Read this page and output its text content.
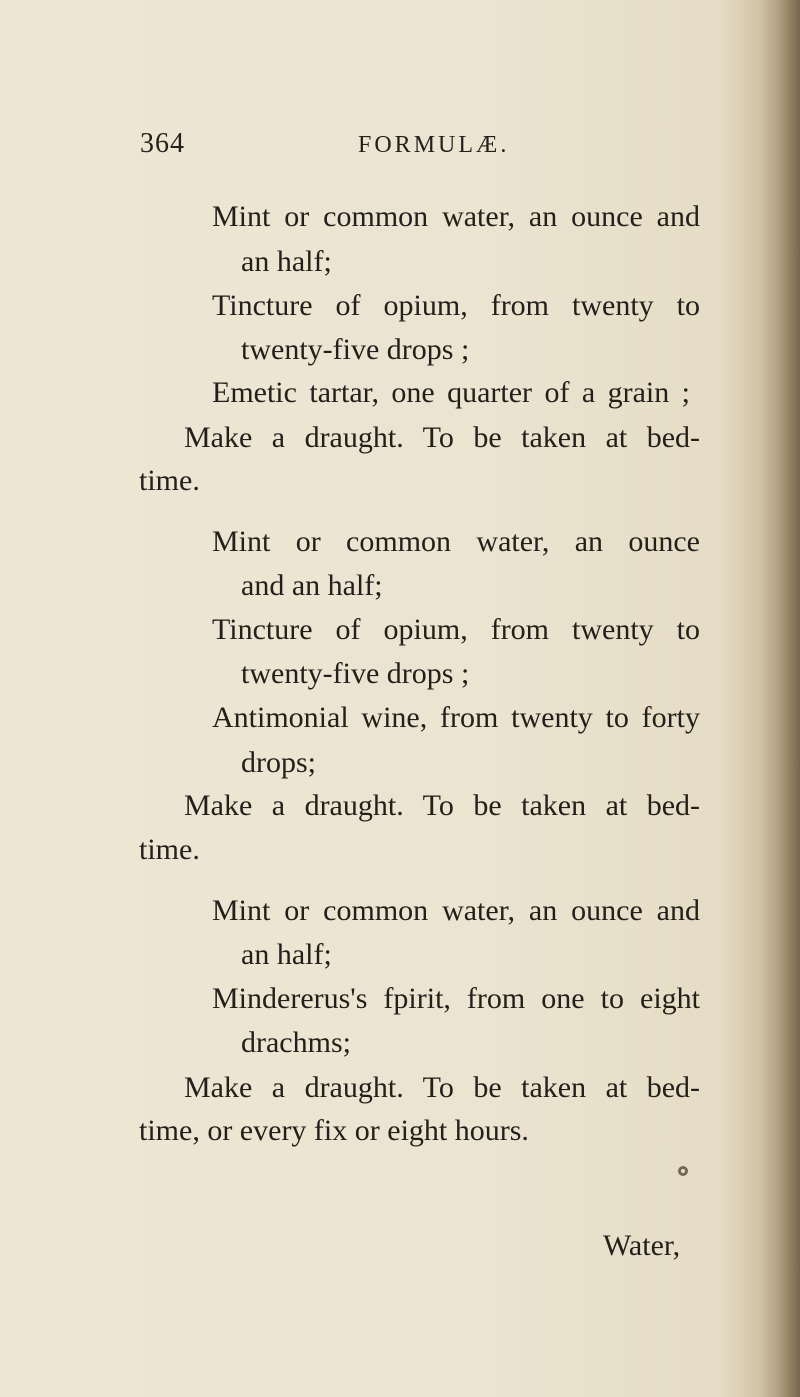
364	FORMULÆ.
Mint or common water, an ounce and
an half;
Tincture of opium, from twenty to
twenty-five drops ;
Emetic tartar, one quarter of a grain ;
Make a draught. To be taken at bed-
time.
Mint or common water, an ounce
and an half;
Tincture of opium, from twenty to
twenty-five drops ;
Antimonial wine, from twenty to forty
drops;
Make a draught. To be taken at bed-
time.
Mint or common water, an ounce and
an half;
Mindererus's fpirit, from one to eight
drachms;
Make a draught. To be taken at bed-
time, or every fix or eight hours.
Water,
